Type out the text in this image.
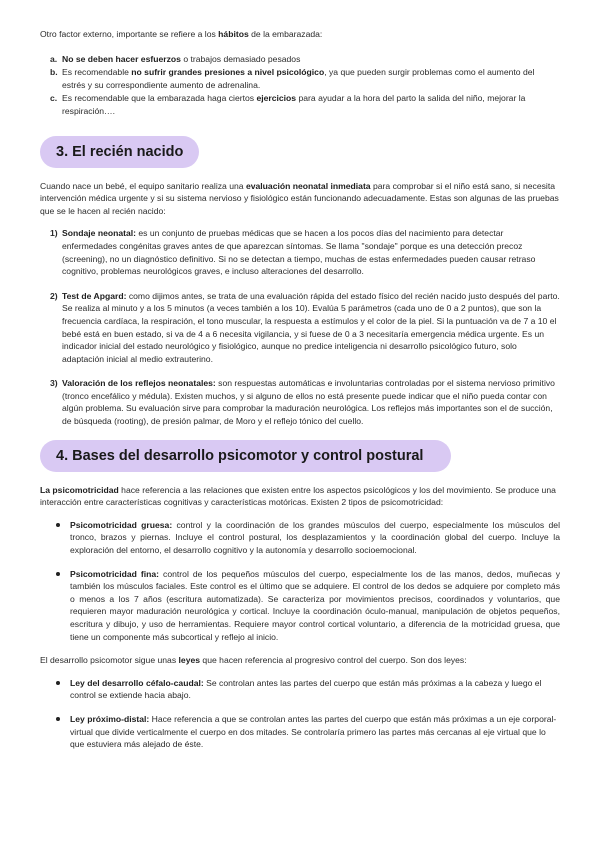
Otro factor externo, importante se refiere a los hábitos de la embarazada:

a. No se deben hacer esfuerzos o trabajos demasiado pesados
b. Es recomendable no sufrir grandes presiones a nivel psicológico, ya que pueden surgir problemas como el aumento del estrés y su correspondiente aumento de adrenalina.
c. Es recomendable que la embarazada haga ciertos ejercicios para ayudar a la hora del parto la salida del niño, mejorar la respiración….
3. El recién nacido

Cuando nace un bebé, el equipo sanitario realiza una evaluación neonatal inmediata para comprobar si el niño está sano, si necesita intervención médica urgente y si su sistema nervioso y fisiológico están funcionando adecuadamente. Estas son algunas de las pruebas que se le hacen al recién nacido:

1) Sondaje neonatal: es un conjunto de pruebas médicas que se hacen a los pocos días del nacimiento para detectar enfermedades congénitas graves antes de que aparezcan síntomas. Se llama "sondaje" porque es una detección precoz (screening), no un diagnóstico definitivo. Si no se detectan a tiempo, muchas de estas enfermedades pueden causar retraso cognitivo, problemas neurológicos graves, e incluso alteraciones del desarrollo.
2) Test de Apgard: como dijimos antes, se trata de una evaluación rápida del estado físico del recién nacido justo después del parto. Se realiza al minuto y a los 5 minutos (a veces también a los 10). Evalúa 5 parámetros (cada uno de 0 a 2 puntos), que son la frecuencia cardíaca, la respiración, el tono muscular, la respuesta a estímulos y el color de la piel. Si la puntuación va de 7 a 10 el bebé está en buen estado, si va de 4 a 6 necesita vigilancia, y si fuese de 0 a 3 necesitaría emergencia médica urgente. Es un indicador inicial del estado neurológico y fisiológico, aunque no predice inteligencia ni desarrollo psicológico futuro, solo adaptación inicial al medio extrauterino.
3) Valoración de los reflejos neonatales: son respuestas automáticas e involuntarias controladas por el sistema nervioso primitivo (tronco encefálico y médula). Existen muchos, y si alguno de ellos no está presente puede indicar que el niño pueda contar con algún problema. Su evaluación sirve para comprobar la maduración neurológica. Los reflejos más importantes son el de succión, de búsqueda (rooting), de presión palmar, de Moro y el reflejo tónico del cuello.
4. Bases del desarrollo psicomotor y control postural

La psicomotricidad hace referencia a las relaciones que existen entre los aspectos psicológicos y los del movimiento. Se produce una interacción entre características cognitivas y características motóricas. Existen 2 tipos de psicomotricidad:

Psicomotricidad gruesa: control y la coordinación de los grandes músculos del cuerpo, especialmente los músculos del tronco, brazos y piernas. Incluye el control postural, los desplazamientos y la coordinación global del cuerpo. Incluye la exploración del entorno, el desarrollo cognitivo y la autonomía y desarrollo socioemocional.
Psicomotricidad fina: control de los pequeños músculos del cuerpo, especialmente los de las manos, dedos, muñecas y también los músculos faciales. Este control es el último que se adquiere. El control de los dedos se adquiere por completo más o menos a los 7 años (escritura automatizada). Se caracteriza por movimientos precisos, coordinados y voluntarios, que requieren mayor maduración neurológica y cortical. Incluye la coordinación óculo-manual, manipulación de objetos pequeños, escritura y dibujo, y uso de herramientas. Requiere mayor control cortical voluntario, a diferencia de la motricidad gruesa, que tiene un componente más subcortical y reflejo al inicio.

El desarrollo psicomotor sigue unas leyes que hacen referencia al progresivo control del cuerpo. Son dos leyes:

Ley del desarrollo céfalo-caudal: Se controlan antes las partes del cuerpo que están más próximas a la cabeza y luego el control se extiende hacia abajo.
Ley próximo-distal: Hace referencia a que se controlan antes las partes del cuerpo que están más próximas a un eje corporal-virtual que divide verticalmente el cuerpo en dos mitades. Se controlaría primero las partes más cercanas al eje virtual que lo que estuviera más alejado de éste.
